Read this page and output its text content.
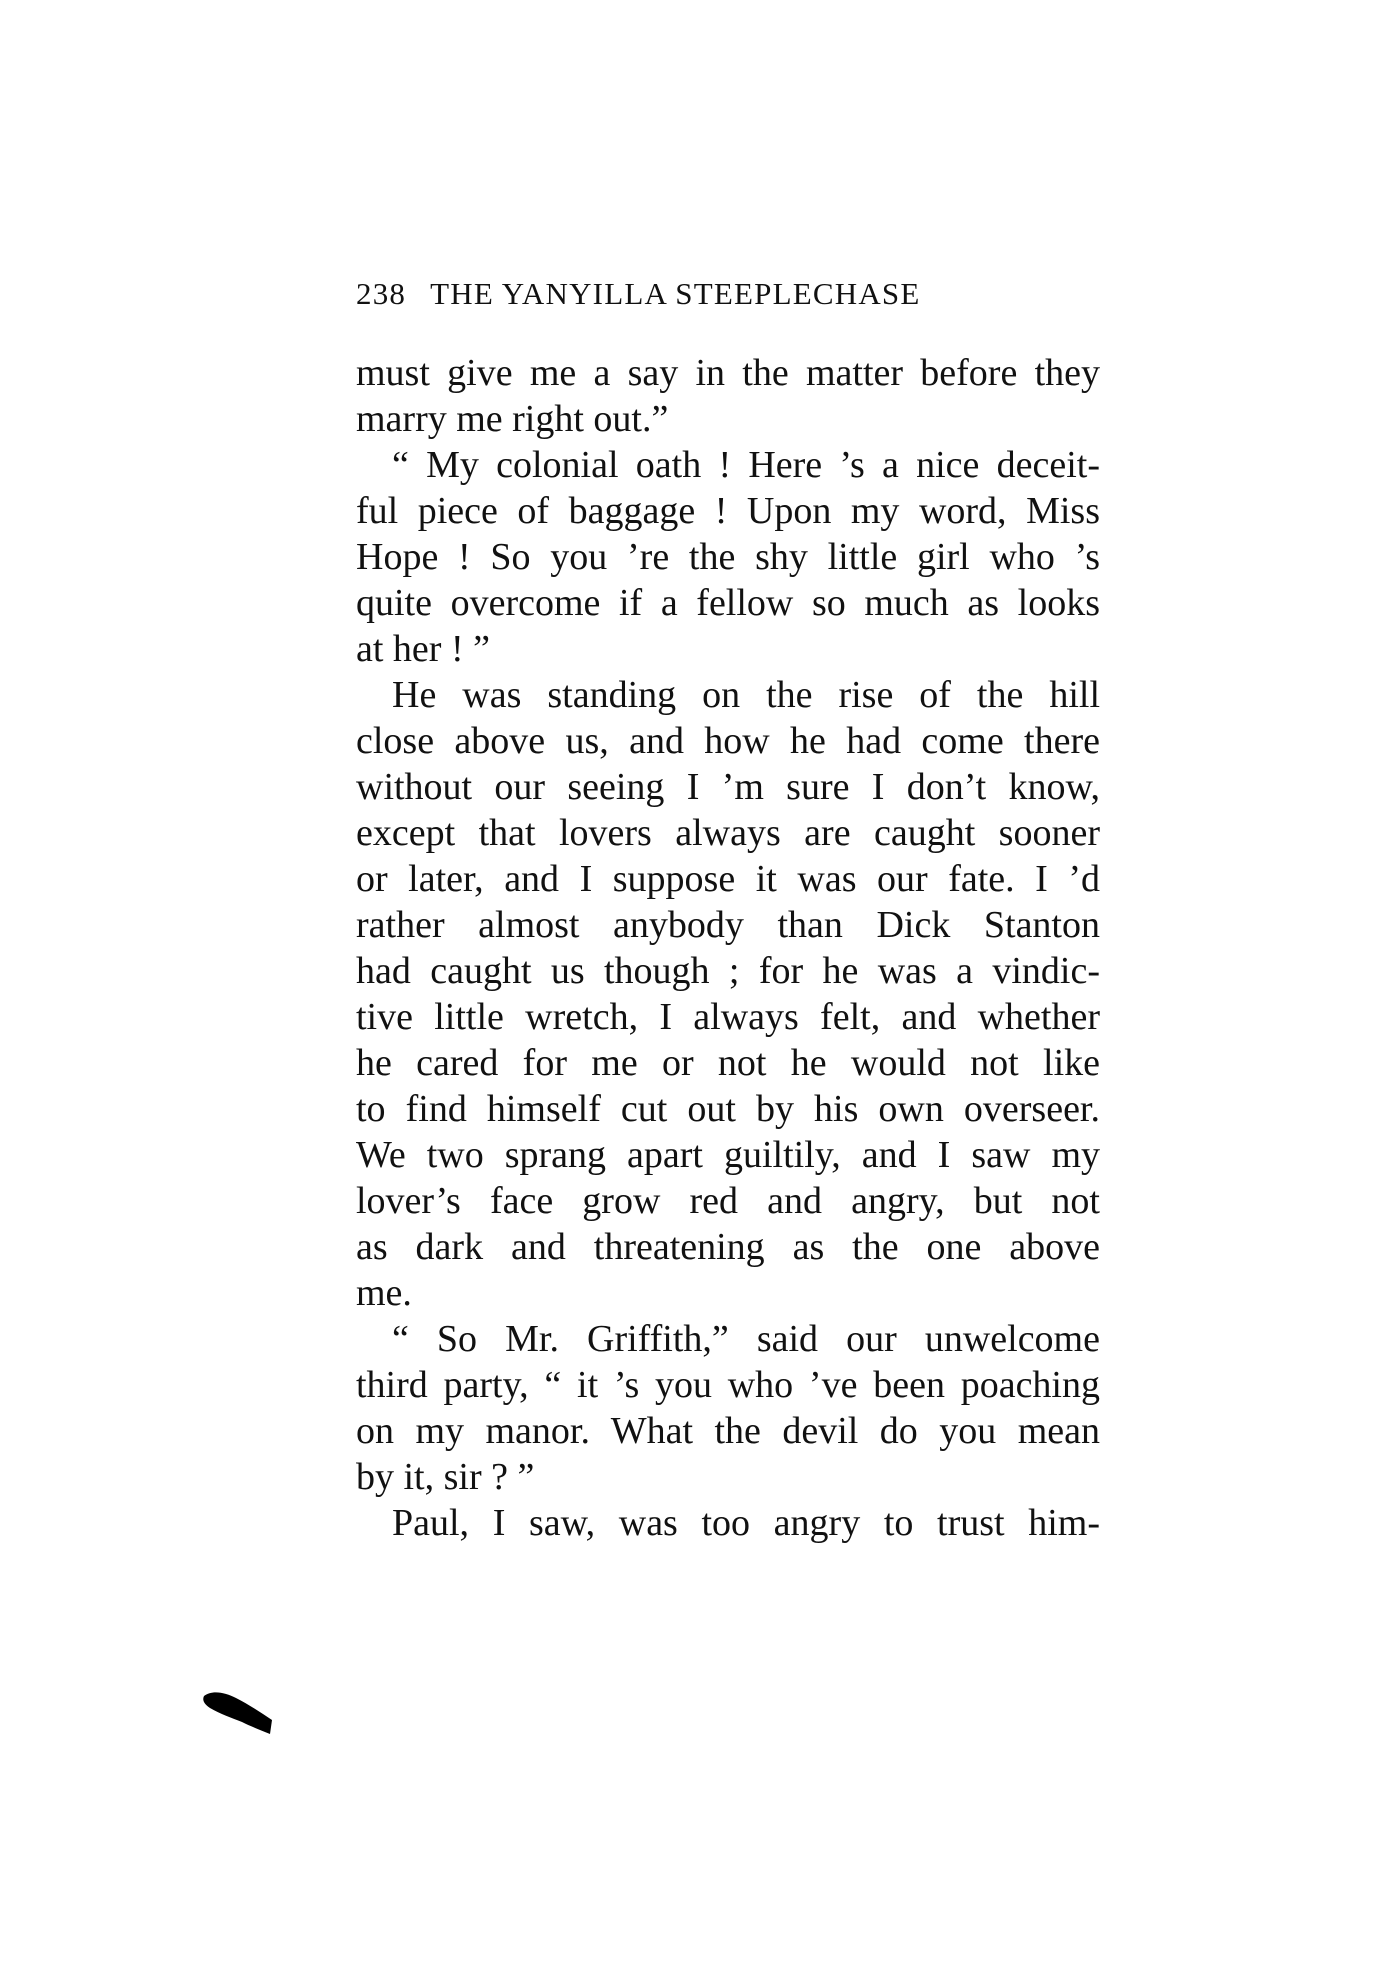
238 THE YANYILLA STEEPLECHASE
must give me a say in the matter before they
marry me right out.”
“ My colonial oath ! Here ’s a nice deceit-
ful piece of baggage ! Upon my word, Miss
Hope ! So you ’re the shy little girl who ’s
quite overcome if a fellow so much as looks
at her ! ”
He was standing on the rise of the hill
close above us, and how he had come there
without our seeing I ’m sure I don’t know,
except that lovers always are caught sooner
or later, and I suppose it was our fate. I ’d
rather almost anybody than Dick Stanton
had caught us though ; for he was a vindic-
tive little wretch, I always felt, and whether
he cared for me or not he would not like
to find himself cut out by his own overseer.
We two sprang apart guiltily, and I saw my
lover’s face grow red and angry, but not
as dark and threatening as the one above
me.
“ So Mr. Griffith,” said our unwelcome
third party, “ it ’s you who ’ve been poaching
on my manor. What the devil do you mean
by it, sir ? ”
Paul, I saw, was too angry to trust him-
